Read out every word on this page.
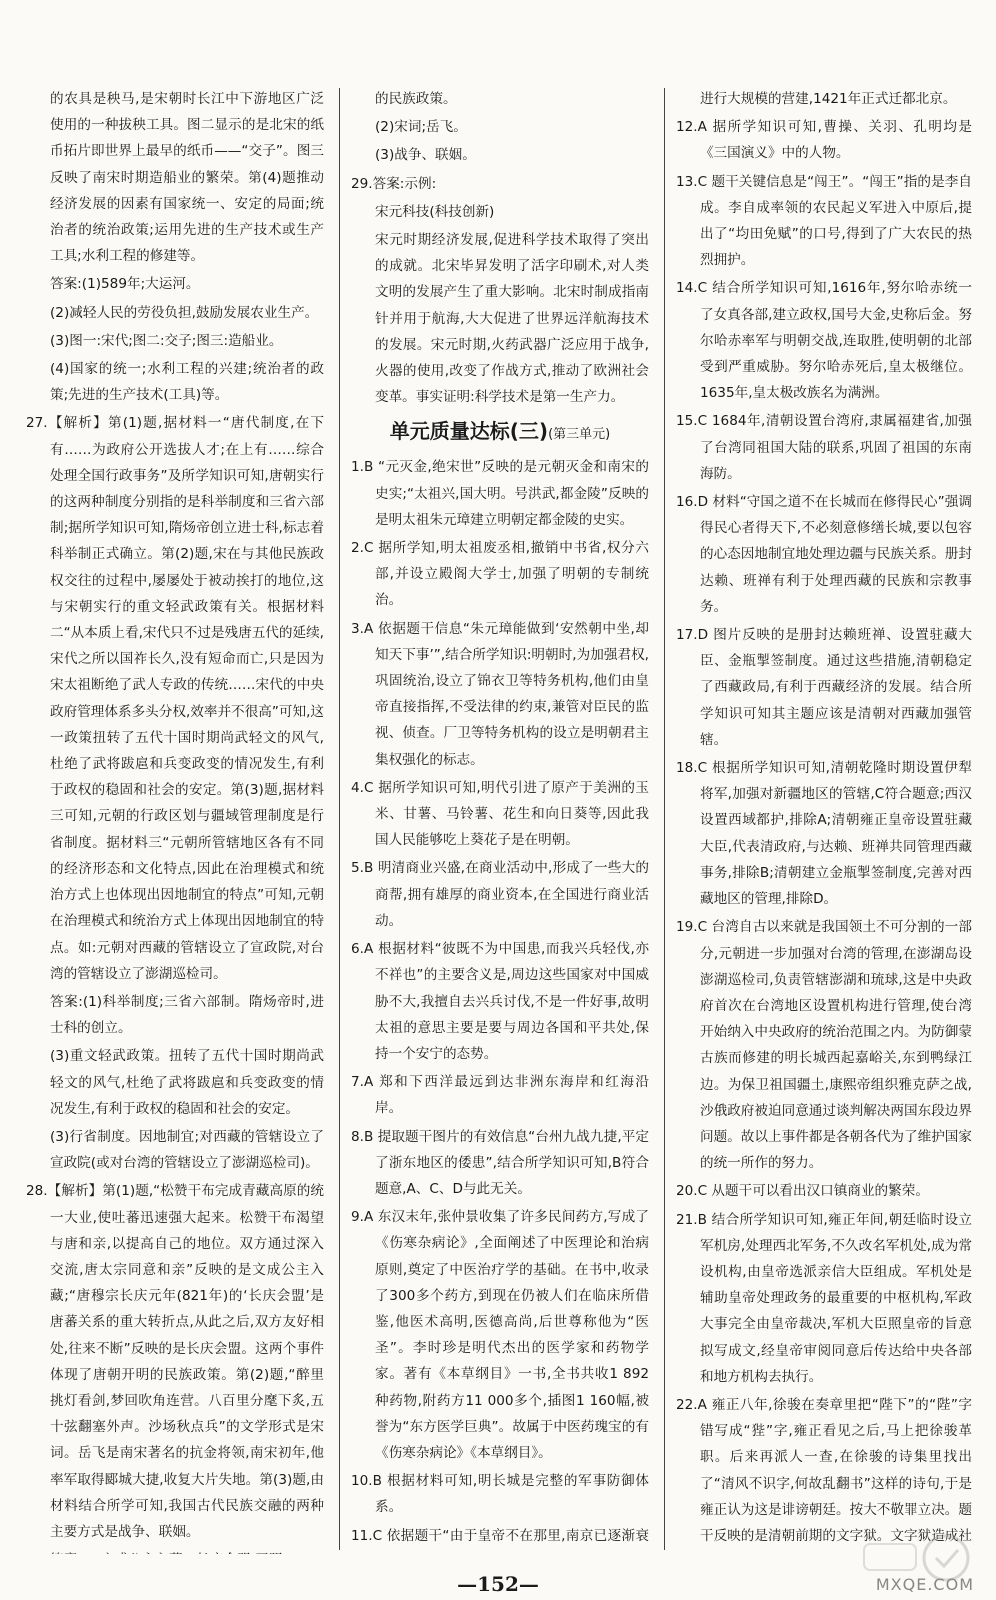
的农具是秧马,是宋朝时长江中下游地区广泛使用的一种拔秧工具。图二显示的是北宋的纸币拓片即世界上最早的纸币——“交子”。图三反映了南宋时期造船业的繁荣。第(4)题推动经济发展的因素有国家统一、安定的局面;统治者的统治政策;运用先进的生产技术或生产工具;水利工程的修建等。

答案:(1)589年;大运河。

(2)减轻人民的劳役负担,鼓励发展农业生产。

(3)图一:宋代;图二:交子;图三:造船业。

(4)国家的统一;水利工程的兴建;统治者的政策;先进的生产技术(工具)等。

27.【解析】第(1)题,据材料一“唐代制度,在下有……为政府公开选拔人才;在上有……综合处理全国行政事务”及所学知识可知,唐朝实行的这两种制度分别指的是科举制度和三省六部制;据所学知识可知,隋炀帝创立进士科,标志着科举制正式确立。第(2)题,宋在与其他民族政权交往的过程中,屡屡处于被动挨打的地位,这与宋朝实行的重文轻武政策有关。根据材料二“从本质上看,宋代只不过是残唐五代的延续,宋代之所以国祚长久,没有短命而亡,只是因为宋太祖断绝了武人专政的传统……宋代的中央政府管理体系多头分权,效率并不很高”可知,这一政策扭转了五代十国时期尚武轻文的风气,杜绝了武将跋扈和兵变政变的情况发生,有利于政权的稳固和社会的安定。第(3)题,据材料三可知,元朝的行政区划与疆域管理制度是行省制度。据材料三“元朝所管辖地区各有不同的经济形态和文化特点,因此在治理模式和统治方式上也体现出因地制宜的特点”可知,元朝在治理模式和统治方式上体现出因地制宜的特点。如:元朝对西藏的管辖设立了宣政院,对台湾的管辖设立了澎湖巡检司。

答案:(1)科举制度;三省六部制。隋炀帝时,进士科的创立。

(3)重文轻武政策。扭转了五代十国时期尚武轻文的风气,杜绝了武将跋扈和兵变政变的情况发生,有利于政权的稳固和社会的安定。

(3)行省制度。因地制宜;对西藏的管辖设立了宣政院(或对台湾的管辖设立了澎湖巡检司)。

28.【解析】第(1)题,“松赞干布完成青藏高原的统一大业,使吐蕃迅速强大起来。松赞干布渴望与唐和亲,以提高自己的地位。双方通过深入交流,唐太宗同意和亲”反映的是文成公主入藏;“唐穆宗长庆元年(821年)的‘长庆会盟’是唐蕃关系的重大转折点,从此之后,双方友好相处,往来不断”反映的是长庆会盟。这两个事件体现了唐朝开明的民族政策。第(2)题,“醉里挑灯看剑,梦回吹角连营。八百里分麾下炙,五十弦翻塞外声。沙场秋点兵”的文学形式是宋词。岳飞是南宋著名的抗金将领,南宋初年,他率军取得郾城大捷,收复大片失地。第(3)题,由材料结合所学可知,我国古代民族交融的两种主要方式是战争、联姻。

的民族政策。

(2)宋词;岳飞。

(3)战争、联姻。

29.答案:示例:

宋元科技(科技创新)

宋元时期经济发展,促进科学技术取得了突出的成就。北宋毕昇发明了活字印刷术,对人类文明的发展产生了重大影响。北宋时制成指南针并用于航海,大大促进了世界远洋航海技术的发展。宋元时期,火药武器广泛应用于战争,火器的使用,改变了作战方式,推动了欧洲社会变革。事实证明:科学技术是第一生产力。

单元质量达标(三)(第三单元)

1.B “元灭金,绝宋世”反映的是元朝灭金和南宋的史实;“太祖兴,国大明。号洪武,都金陵”反映的是明太祖朱元璋建立明朝定都金陵的史实。

2.C 据所学知,明太祖废丞相,撤销中书省,权分六部,并设立殿阁大学士,加强了明朝的专制统治。

3.A 依据题干信息“朱元璋能做到‘安然朝中坐,却知天下事’”,结合所学知识:明朝时,为加强君权,巩固统治,设立了锦衣卫等特务机构,他们由皇帝直接指挥,不受法律的约束,兼管对臣民的监视、侦查。厂卫等特务机构的设立是明朝君主集权强化的标志。

4.C 据所学知识可知,明代引进了原产于美洲的玉米、甘薯、马铃薯、花生和向日葵等,因此我国人民能够吃上葵花子是在明朝。

5.B 明清商业兴盛,在商业活动中,形成了一些大的商帮,拥有雄厚的商业资本,在全国进行商业活动。

6.A 根据材料“彼既不为中国患,而我兴兵轻伐,亦不祥也”的主要含义是,周边这些国家对中国威胁不大,我擅自去兴兵讨伐,不是一件好事,故明太祖的意思主要是要与周边各国和平共处,保持一个安宁的态势。

7.A 郑和下西洋最远到达非洲东海岸和红海沿岸。

8.B 提取题干图片的有效信息“台州九战九捷,平定了浙东地区的倭患”,结合所学知识可知,B符合题意,A、C、D与此无关。

9.A 东汉末年,张仲景收集了许多民间药方,写成了《伤寒杂病论》,全面阐述了中医理论和治病原则,奠定了中医治疗学的基础。在书中,收录了300多个药方,到现在仍被人们在临床所借鉴,他医术高明,医德高尚,后世尊称他为“医圣”。李时珍是明代杰出的医学家和药物学家。著有《本草纲目》一书,全书共收1 892种药物,附药方11 000多个,插图1 160幅,被誉为“东方医学巨典”。故属于中医药瑰宝的有《伤寒杂病论》《本草纲目》。

10.B 根据材料可知,明长城是完整的军事防御体系。

11.C 依据题干“由于皇帝不在那里,南京已逐渐衰

进行大规模的营建,1421年正式迁都北京。

12.A 据所学知识可知,曹操、关羽、孔明均是《三国演义》中的人物。

13.C 题干关键信息是“闯王”。“闯王”指的是李自成。李自成率领的农民起义军进入中原后,提出了“均田免赋”的口号,得到了广大农民的热烈拥护。

14.C 结合所学知识可知,1616年,努尔哈赤统一了女真各部,建立政权,国号大金,史称后金。努尔哈赤率军与明朝交战,连取胜,使明朝的北部受到严重威胁。努尔哈赤死后,皇太极继位。1635年,皇太极改族名为满洲。

15.C 1684年,清朝设置台湾府,隶属福建省,加强了台湾同祖国大陆的联系,巩固了祖国的东南海防。

16.D 材料“守国之道不在长城而在修得民心”强调得民心者得天下,不必刻意修缮长城,要以包容的心态因地制宜地处理边疆与民族关系。册封达赖、班禅有利于处理西藏的民族和宗教事务。

17.D 图片反映的是册封达赖班禅、设置驻藏大臣、金瓶掣签制度。通过这些措施,清朝稳定了西藏政局,有利于西藏经济的发展。结合所学知识可知其主题应该是清朝对西藏加强管辖。

18.C 根据所学知识可知,清朝乾隆时期设置伊犁将军,加强对新疆地区的管辖,C符合题意;西汉设置西域都护,排除A;清朝雍正皇帝设置驻藏大臣,代表清政府,与达赖、班禅共同管理西藏事务,排除B;清朝建立金瓶掣签制度,完善对西藏地区的管理,排除D。

19.C 台湾自古以来就是我国领土不可分割的一部分,元朝进一步加强对台湾的管理,在澎湖岛设澎湖巡检司,负责管辖澎湖和琉球,这是中央政府首次在台湾地区设置机构进行管理,使台湾开始纳入中央政府的统治范围之内。为防御蒙古族而修建的明长城西起嘉峪关,东到鸭绿江边。为保卫祖国疆土,康熙帝组织雅克萨之战,沙俄政府被迫同意通过谈判解决两国东段边界问题。故以上事件都是各朝各代为了维护国家的统一所作的努力。

20.C 从题干可以看出汉口镇商业的繁荣。

21.B 结合所学知识可知,雍正年间,朝廷临时设立军机房,处理西北军务,不久改名军机处,成为常设机构,由皇帝选派亲信大臣组成。军机处是辅助皇帝处理政务的最重要的中枢机构,军政大事完全由皇帝裁决,军机大臣照皇帝的旨意拟写成文,经皇帝审阅同意后传达给中央各部和地方机构去执行。

22.A 雍正八年,徐骏在奏章里把“陛下”的“陛”字错写成“狴”字,雍正看见之后,马上把徐骏革职。后来再派人一查,在徐骏的诗集里找出了“清风不识字,何故乱翻书”这样的诗句,于是雍正认为这是诽谤朝廷。按大不敬罪立决。题干反映的是清朝前期的文字狱。文字狱造成社

—152—	MXQE.COM
